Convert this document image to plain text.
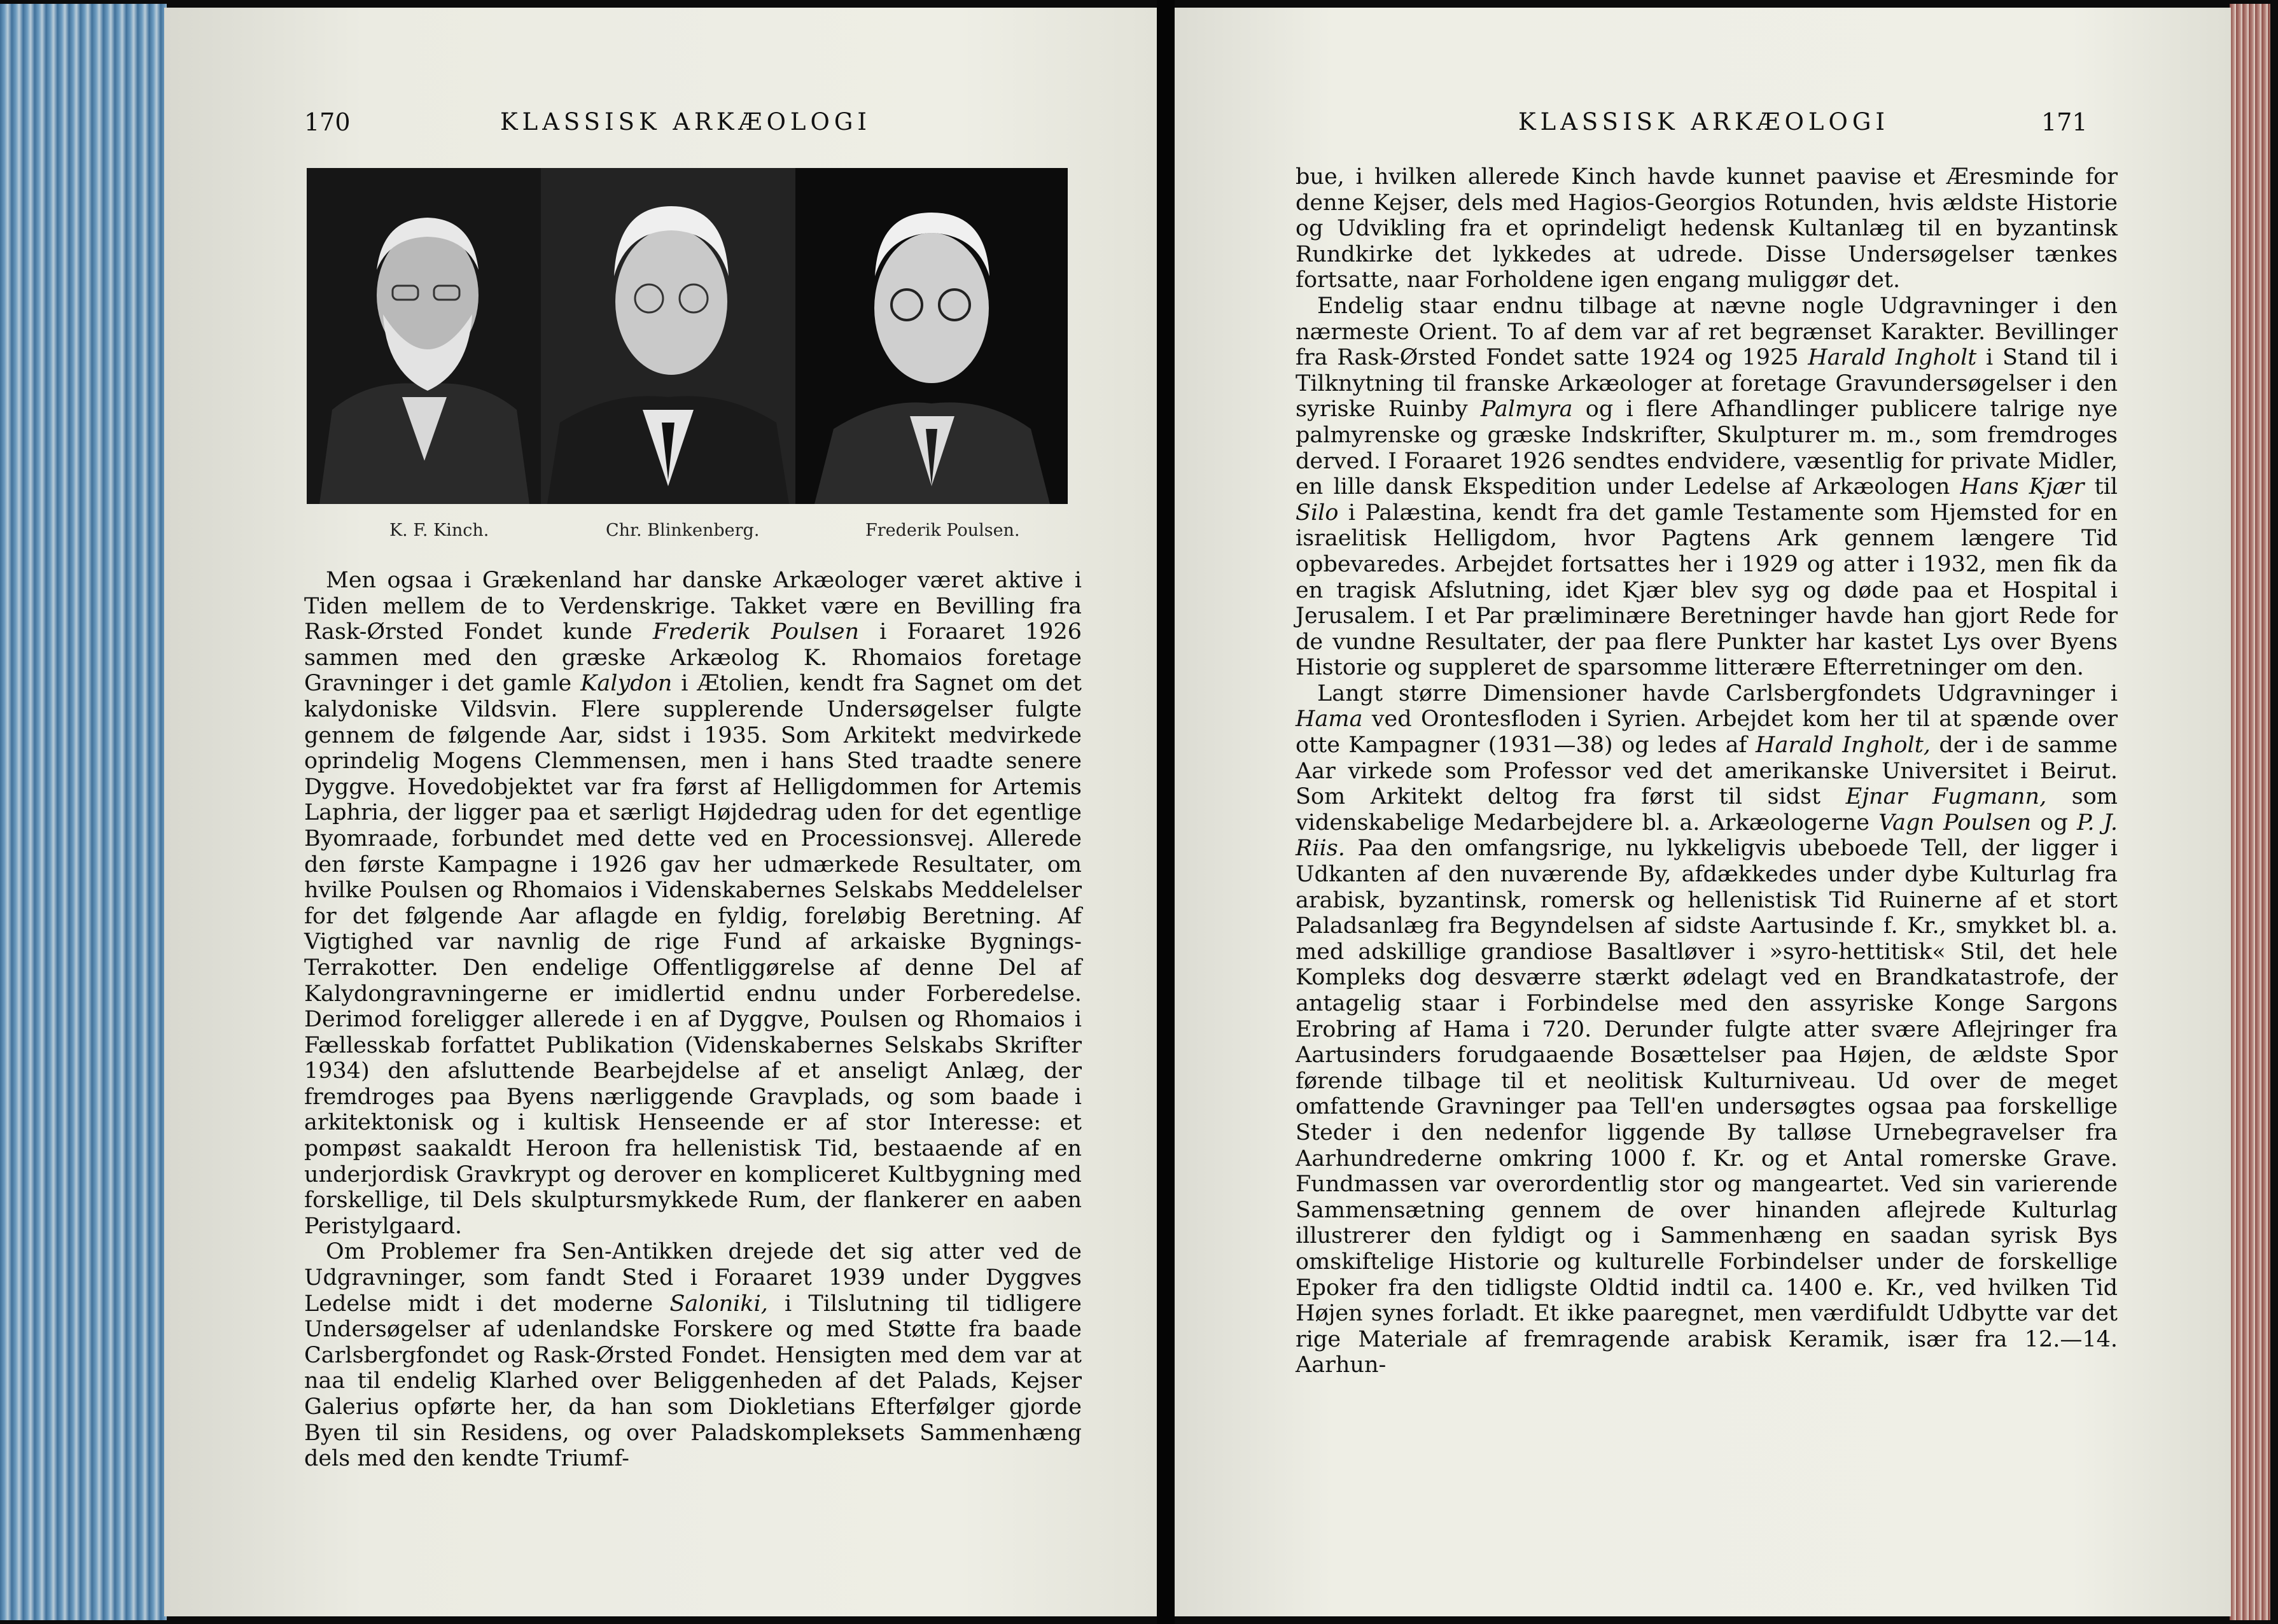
170	KLASSISK ARKÆOLOGI
K. F. Kinch.	Chr. Blinkenberg.	Frederik Poulsen.

Men ogsaa i Grækenland har danske Arkæologer været aktive i Tiden mellem de to Verdenskrige. Takket være en Bevilling fra Rask-Ørsted Fondet kunde Frederik Poulsen i Foraaret 1926 sammen med den græske Arkæolog K. Rhomaios foretage Gravninger i det gamle Kalydon i Ætolien, kendt fra Sagnet om det kalydoniske Vildsvin. Flere supplerende Undersøgelser fulgte gennem de følgende Aar, sidst i 1935. Som Arkitekt medvirkede oprindelig Mogens Clemmensen, men i hans Sted traadte senere Dyggve. Hovedobjektet var fra først af Helligdommen for Artemis Laphria, der ligger paa et særligt Højdedrag uden for det egentlige Byomraade, forbundet med dette ved en Processionsvej. Allerede den første Kampagne i 1926 gav her udmærkede Resultater, om hvilke Poulsen og Rhomaios i Videnskabernes Selskabs Meddelelser for det følgende Aar aflagde en fyldig, foreløbig Beretning. Af Vigtighed var navnlig de rige Fund af arkaiske Bygnings-Terrakotter. Den endelige Offentliggørelse af denne Del af Kalydongravningerne er imidlertid endnu under Forberedelse. Derimod foreligger allerede i en af Dyggve, Poulsen og Rhomaios i Fællesskab forfattet Publikation (Videnskabernes Selskabs Skrifter 1934) den afsluttende Bearbejdelse af et anseligt Anlæg, der fremdroges paa Byens nærliggende Gravplads, og som baade i arkitektonisk og i kultisk Henseende er af stor Interesse: et pompøst saakaldt Heroon fra hellenistisk Tid, bestaaende af en underjordisk Gravkrypt og derover en kompliceret Kultbygning med forskellige, til Dels skulptursmykkede Rum, der flankerer en aaben Peristylgaard.

Om Problemer fra Sen-Antikken drejede det sig atter ved de Udgravninger, som fandt Sted i Foraaret 1939 under Dyggves Ledelse midt i det moderne Saloniki, i Tilslutning til tidligere Undersøgelser af udenlandske Forskere og med Støtte fra baade Carlsbergfondet og Rask-Ørsted Fondet. Hensigten med dem var at naa til endelig Klarhed over Beliggenheden af det Palads, Kejser Galerius opførte her, da han som Diokletians Efterfølger gjorde Byen til sin Residens, og over Paladskompleksets Sammenhæng dels med den kendte Triumf-

KLASSISK ARKÆOLOGI	171

bue, i hvilken allerede Kinch havde kunnet paavise et Æresminde for denne Kejser, dels med Hagios-Georgios Rotunden, hvis ældste Historie og Udvikling fra et oprindeligt hedensk Kultanlæg til en byzantinsk Rundkirke det lykkedes at udrede. Disse Undersøgelser tænkes fortsatte, naar Forholdene igen engang muliggør det.

Endelig staar endnu tilbage at nævne nogle Udgravninger i den nærmeste Orient. To af dem var af ret begrænset Karakter. Bevillinger fra Rask-Ørsted Fondet satte 1924 og 1925 Harald Ingholt i Stand til i Tilknytning til franske Arkæologer at foretage Gravundersøgelser i den syriske Ruinby Palmyra og i flere Afhandlinger publicere talrige nye palmyrenske og græske Indskrifter, Skulpturer m. m., som fremdroges derved. I Foraaret 1926 sendtes endvidere, væsentlig for private Midler, en lille dansk Ekspedition under Ledelse af Arkæologen Hans Kjær til Silo i Palæstina, kendt fra det gamle Testamente som Hjemsted for en israelitisk Helligdom, hvor Pagtens Ark gennem længere Tid opbevaredes. Arbejdet fortsattes her i 1929 og atter i 1932, men fik da en tragisk Afslutning, idet Kjær blev syg og døde paa et Hospital i Jerusalem. I et Par præliminære Beretninger havde han gjort Rede for de vundne Resultater, der paa flere Punkter har kastet Lys over Byens Historie og suppleret de sparsomme litterære Efterretninger om den.

Langt større Dimensioner havde Carlsbergfondets Udgravninger i Hama ved Orontesfloden i Syrien. Arbejdet kom her til at spænde over otte Kampagner (1931—38) og ledes af Harald Ingholt, der i de samme Aar virkede som Professor ved det amerikanske Universitet i Beirut. Som Arkitekt deltog fra først til sidst Ejnar Fugmann, som videnskabelige Medarbejdere bl. a. Arkæologerne Vagn Poulsen og P. J. Riis. Paa den omfangsrige, nu lykkeligvis ubeboede Tell, der ligger i Udkanten af den nuværende By, afdækkedes under dybe Kulturlag fra arabisk, byzantinsk, romersk og hellenistisk Tid Ruinerne af et stort Paladsanlæg fra Begyndelsen af sidste Aartusinde f. Kr., smykket bl. a. med adskillige grandiose Basaltløver i »syro-hettitisk« Stil, det hele Kompleks dog desværre stærkt ødelagt ved en Brandkatastrofe, der antagelig staar i Forbindelse med den assyriske Konge Sargons Erobring af Hama i 720. Derunder fulgte atter svære Aflejringer fra Aartusinders forudgaaende Bosættelser paa Højen, de ældste Spor førende tilbage til et neolitisk Kulturniveau. Ud over de meget omfattende Gravninger paa Tell'en undersøgtes ogsaa paa forskellige Steder i den nedenfor liggende By talløse Urnebegravelser fra Aarhundrederne omkring 1000 f. Kr. og et Antal romerske Grave. Fundmassen var overordentlig stor og mangeartet. Ved sin varierende Sammensætning gennem de over hinanden aflejrede Kulturlag illustrerer den fyldigt og i Sammenhæng en saadan syrisk Bys omskiftelige Historie og kulturelle Forbindelser under de forskellige Epoker fra den tidligste Oldtid indtil ca. 1400 e. Kr., ved hvilken Tid Højen synes forladt. Et ikke paaregnet, men værdifuldt Udbytte var det rige Materiale af fremragende arabisk Keramik, især fra 12.—14. Aarhun-
